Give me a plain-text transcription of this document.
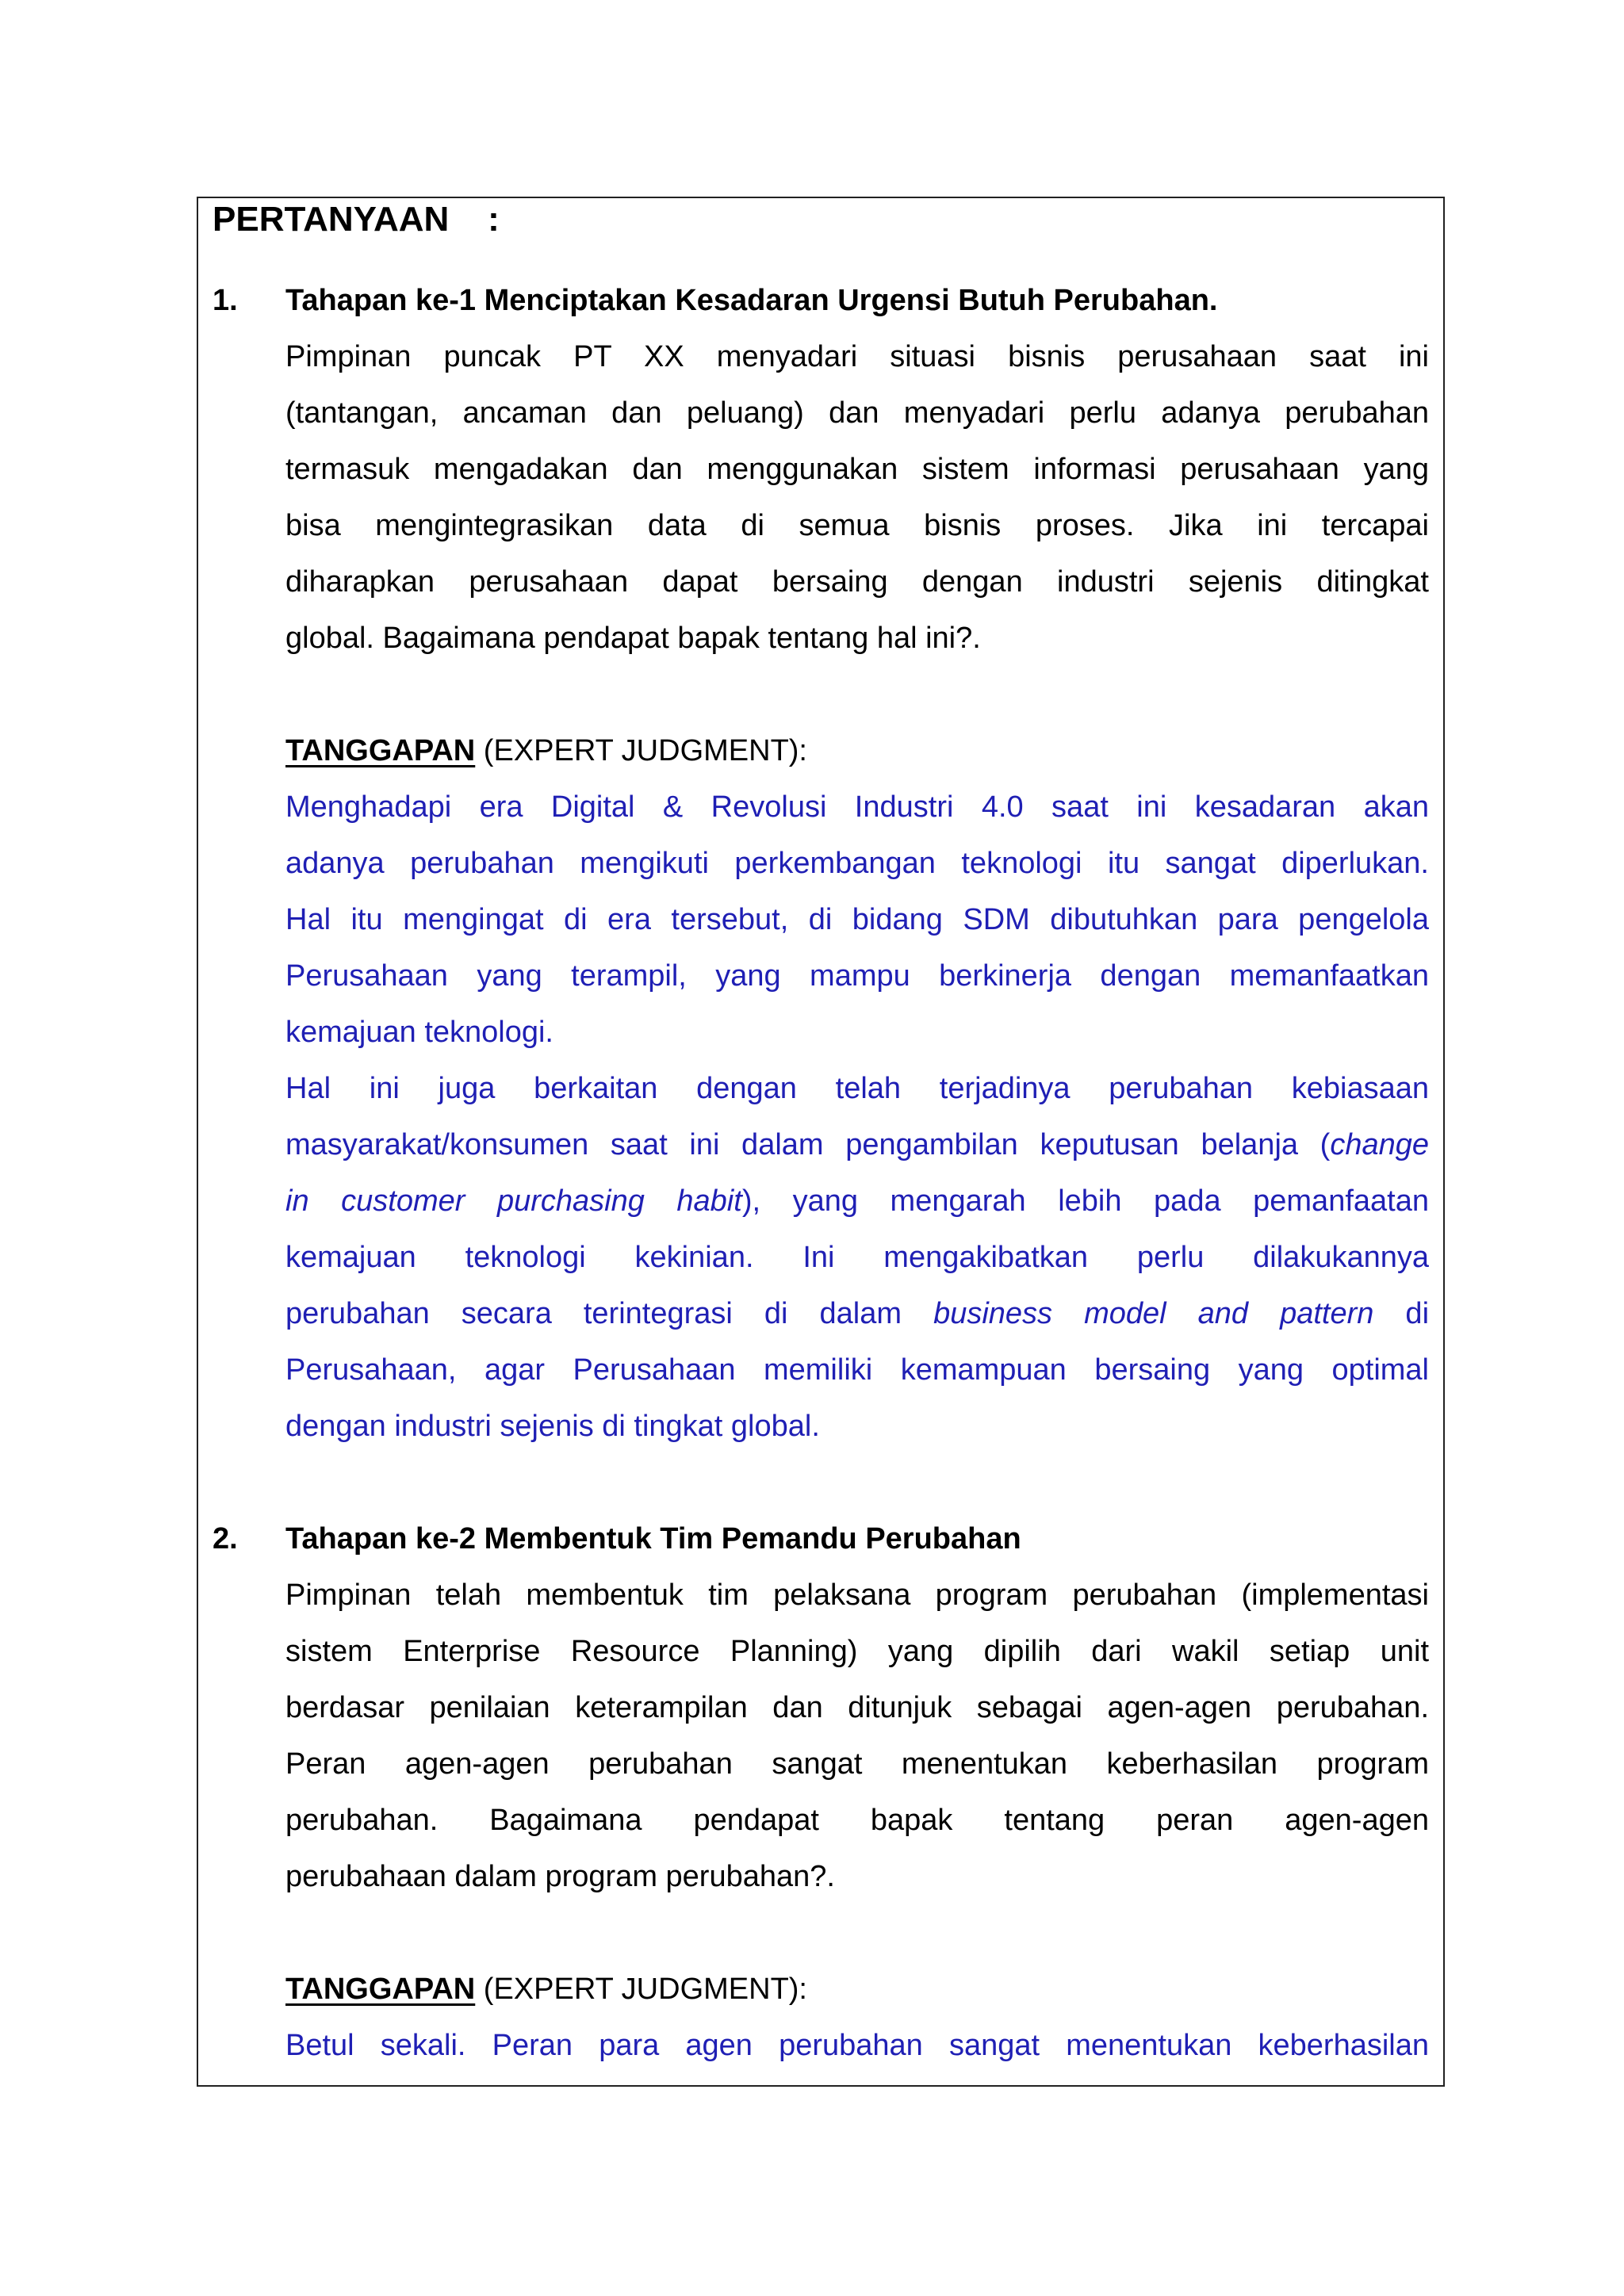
PERTANYAAN    :
1. Tahapan ke-1 Menciptakan Kesadaran Urgensi Butuh Perubahan.
Pimpinan puncak PT XX menyadari situasi bisnis perusahaan saat ini
(tantangan, ancaman dan peluang) dan menyadari perlu adanya perubahan
termasuk mengadakan dan menggunakan sistem informasi perusahaan yang
bisa mengintegrasikan data di semua bisnis proses. Jika ini tercapai
diharapkan perusahaan dapat bersaing dengan industri sejenis ditingkat
global. Bagaimana pendapat bapak tentang hal ini?.
TANGGAPAN (EXPERT JUDGMENT):
Menghadapi era Digital & Revolusi Industri 4.0 saat ini kesadaran akan
adanya perubahan mengikuti perkembangan teknologi itu sangat diperlukan.
Hal itu mengingat di era tersebut, di bidang SDM dibutuhkan para pengelola
Perusahaan yang terampil, yang mampu berkinerja dengan memanfaatkan
kemajuan teknologi.
Hal ini juga berkaitan dengan telah terjadinya perubahan kebiasaan
masyarakat/konsumen saat ini dalam pengambilan keputusan belanja (change
in customer purchasing habit), yang mengarah lebih pada pemanfaatan
kemajuan teknologi kekinian. Ini mengakibatkan perlu dilakukannya
perubahan secara terintegrasi di dalam business model and pattern di
Perusahaan, agar Perusahaan memiliki kemampuan bersaing yang optimal
dengan industri sejenis di tingkat global.
2. Tahapan ke-2 Membentuk Tim Pemandu Perubahan
Pimpinan telah membentuk tim pelaksana program perubahan (implementasi
sistem Enterprise Resource Planning) yang dipilih dari wakil setiap unit
berdasar penilaian keterampilan dan ditunjuk sebagai agen-agen perubahan.
Peran agen-agen perubahan sangat menentukan keberhasilan program
perubahan. Bagaimana pendapat bapak tentang peran agen-agen
perubahaan dalam program perubahan?.
TANGGAPAN (EXPERT JUDGMENT):
Betul sekali. Peran para agen perubahan sangat menentukan keberhasilan
